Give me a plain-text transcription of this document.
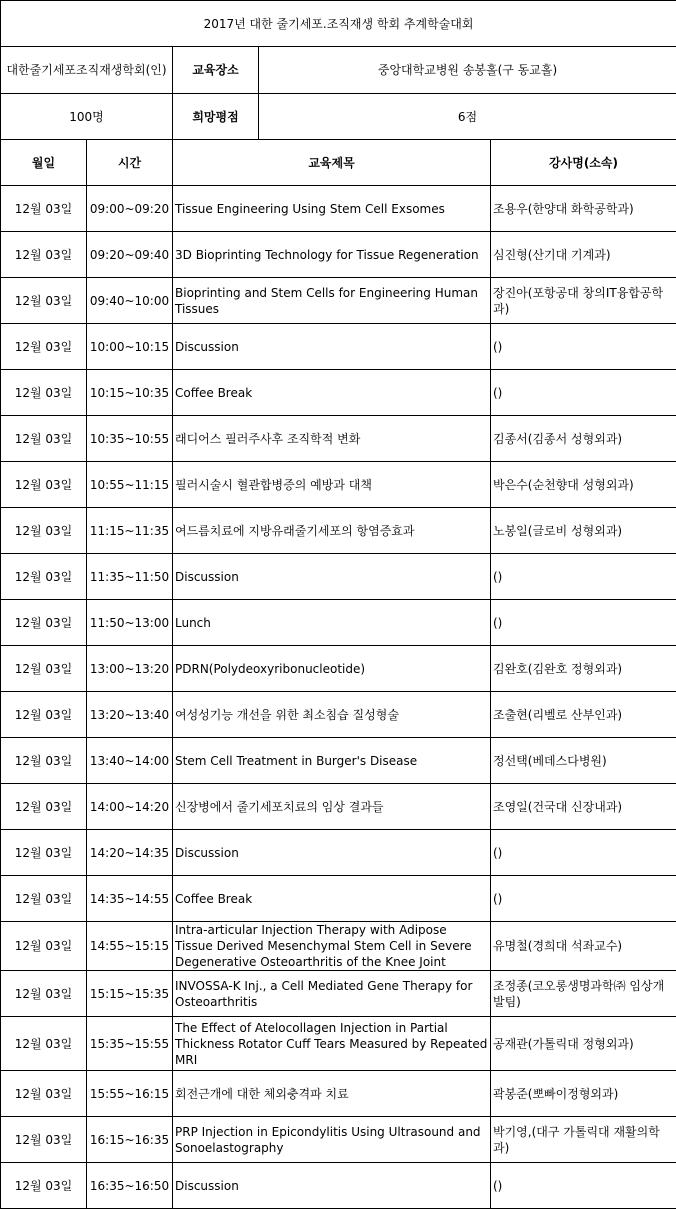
2017년 대한 줄기세포.조직재생 학회 추계학술대회				
대한줄기세포조직재생학회(인)		교육장소	중앙대학교병원 송봉홀(구 동교홀)	
100명		희망평점	6점	
월일	시간	교육제목		강사명(소속)
12월 03일	09:00~09:20	Tissue Engineering Using Stem Cell Exsomes		조용우(한양대 화학공학과)
12월 03일	09:20~09:40	3D Bioprinting Technology for Tissue Regeneration		심진형(산기대 기계과)
12월 03일	09:40~10:00	Bioprinting and Stem Cells for Engineering Human Tissues		장진아(포항공대 창의IT융합공학과)
12월 03일	10:00~10:15	Discussion		()
12월 03일	10:15~10:35	Coffee Break		()
12월 03일	10:35~10:55	래디어스 필러주사후 조직학적 변화		김종서(김종서 성형외과)
12월 03일	10:55~11:15	필러시술시 혈관합병증의 예방과 대책		박은수(순천향대 성형외과)
12월 03일	11:15~11:35	여드름치료에 지방유래줄기세포의 항염증효과		노봉일(글로비 성형외과)
12월 03일	11:35~11:50	Discussion		()
12월 03일	11:50~13:00	Lunch		()
12월 03일	13:00~13:20	PDRN(Polydeoxyribonucleotide)		김완호(김완호 정형외과)
12월 03일	13:20~13:40	여성성기능 개선을 위한 최소침습 질성형술		조출현(리벨로 산부인과)
12월 03일	13:40~14:00	Stem Cell Treatment in Burger's Disease		정선택(베데스다병원)
12월 03일	14:00~14:20	신장병에서 줄기세포치료의 임상 결과들		조영일(건국대 신장내과)
12월 03일	14:20~14:35	Discussion		()
12월 03일	14:35~14:55	Coffee Break		()
12월 03일	14:55~15:15	Intra-articular Injection Therapy with Adipose Tissue Derived Mesenchymal Stem Cell in Severe Degenerative Osteoarthritis of the Knee Joint		유명철(경희대 석좌교수)
12월 03일	15:15~15:35	INVOSSA-K Inj., a Cell Mediated Gene Therapy for Osteoarthritis		조정종(코오롱생명과학㈜ 임상개발팀)
12월 03일	15:35~15:55	The Effect of Atelocollagen Injection in Partial Thickness Rotator Cuff Tears Measured by Repeated MRI		공재관(가톨릭대 정형외과)
12월 03일	15:55~16:15	회전근개에 대한 체외충격파 치료		곽봉준(뽀빠이정형외과)
12월 03일	16:15~16:35	PRP Injection in Epicondylitis Using Ultrasound and Sonoelastography		박기영,(대구 가톨릭대 재활의학과)
12월 03일	16:35~16:50	Discussion		()
